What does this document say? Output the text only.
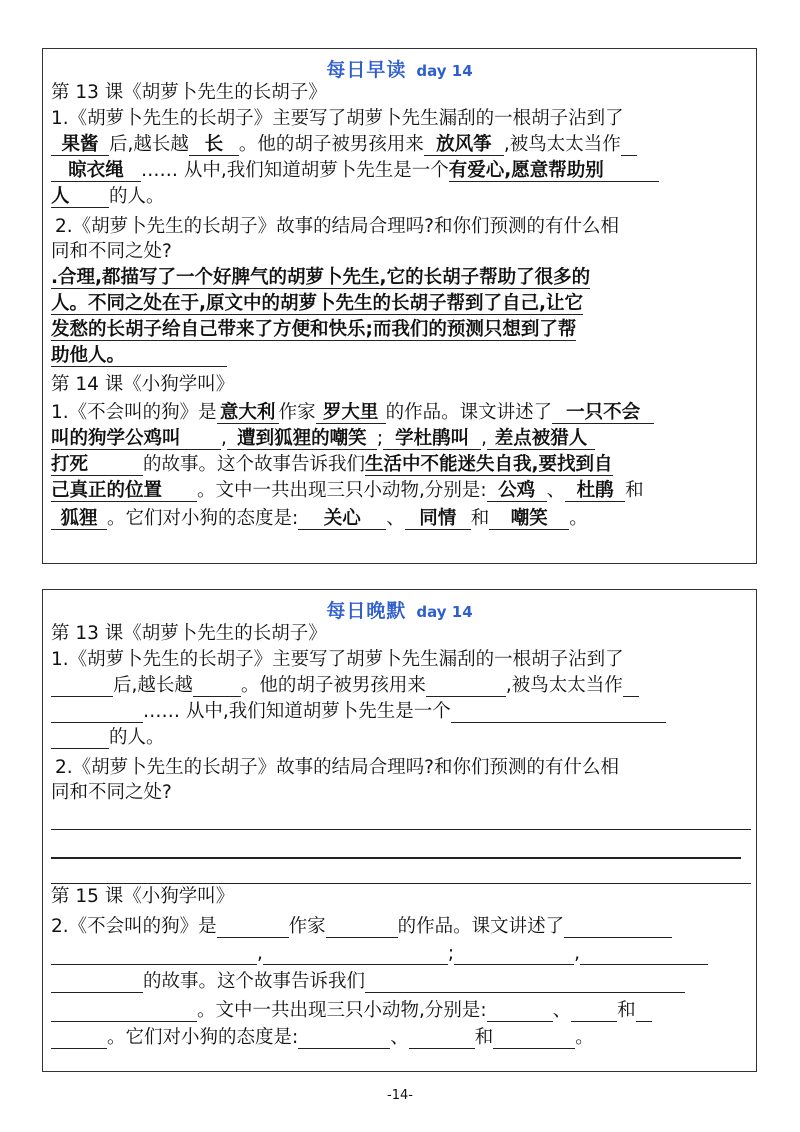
每日早读 day 14
第 13 课《胡萝卜先生的长胡子》
1.《胡萝卜先生的长胡子》主要写了胡萝卜先生漏刮的一根胡子沾到了
果酱 后,越长越 长 。他的胡子被男孩用来 放风筝 ,被鸟太太当作
晾衣绳 …… 从中,我们知道胡萝卜先生是一个有爱心,愿意帮助别
人 的人。
2.《胡萝卜先生的长胡子》故事的结局合理吗?和你们预测的有什么相
同和不同之处?
.合理,都描写了一个好脾气的胡萝卜先生,它的长胡子帮助了很多的
人。不同之处在于,原文中的胡萝卜先生的长胡子帮到了自己,让它
发愁的长胡子给自己带来了方便和快乐;而我们的预测只想到了帮
助他人。
第 14 课《小狗学叫》
1.《不会叫的狗》是 意大利 作家 罗大里 的作品。课文讲述了 一只不会
叫的狗学公鸡叫 , 遭到狐狸的嘲笑 ; 学杜鹃叫 , 差点被猎人
打死	的故事。这个故事告诉我们生活中不能迷失自我,要找到自
己真正的位置 。文中一共出现三只小动物,分别是: 公鸡 、 杜鹃 和
狐狸 。它们对小狗的态度是: 关心 、 同情 和 嘲笑 。
每日晚默 day 14
第 13 课《胡萝卜先生的长胡子》
1.《胡萝卜先生的长胡子》主要写了胡萝卜先生漏刮的一根胡子沾到了
后,越长越	。他的胡子被男孩用来	,被鸟太太当作
…… 从中,我们知道胡萝卜先生是一个
的人。
2.《胡萝卜先生的长胡子》故事的结局合理吗?和你们预测的有什么相
同和不同之处?
第 15 课《小狗学叫》
2.《不会叫的狗》是	作家	的作品。课文讲述了
,	;	,
的故事。这个故事告诉我们
。文中一共出现三只小动物,分别是:	、 和
。它们对小狗的态度是:	、	和	。
-14-
